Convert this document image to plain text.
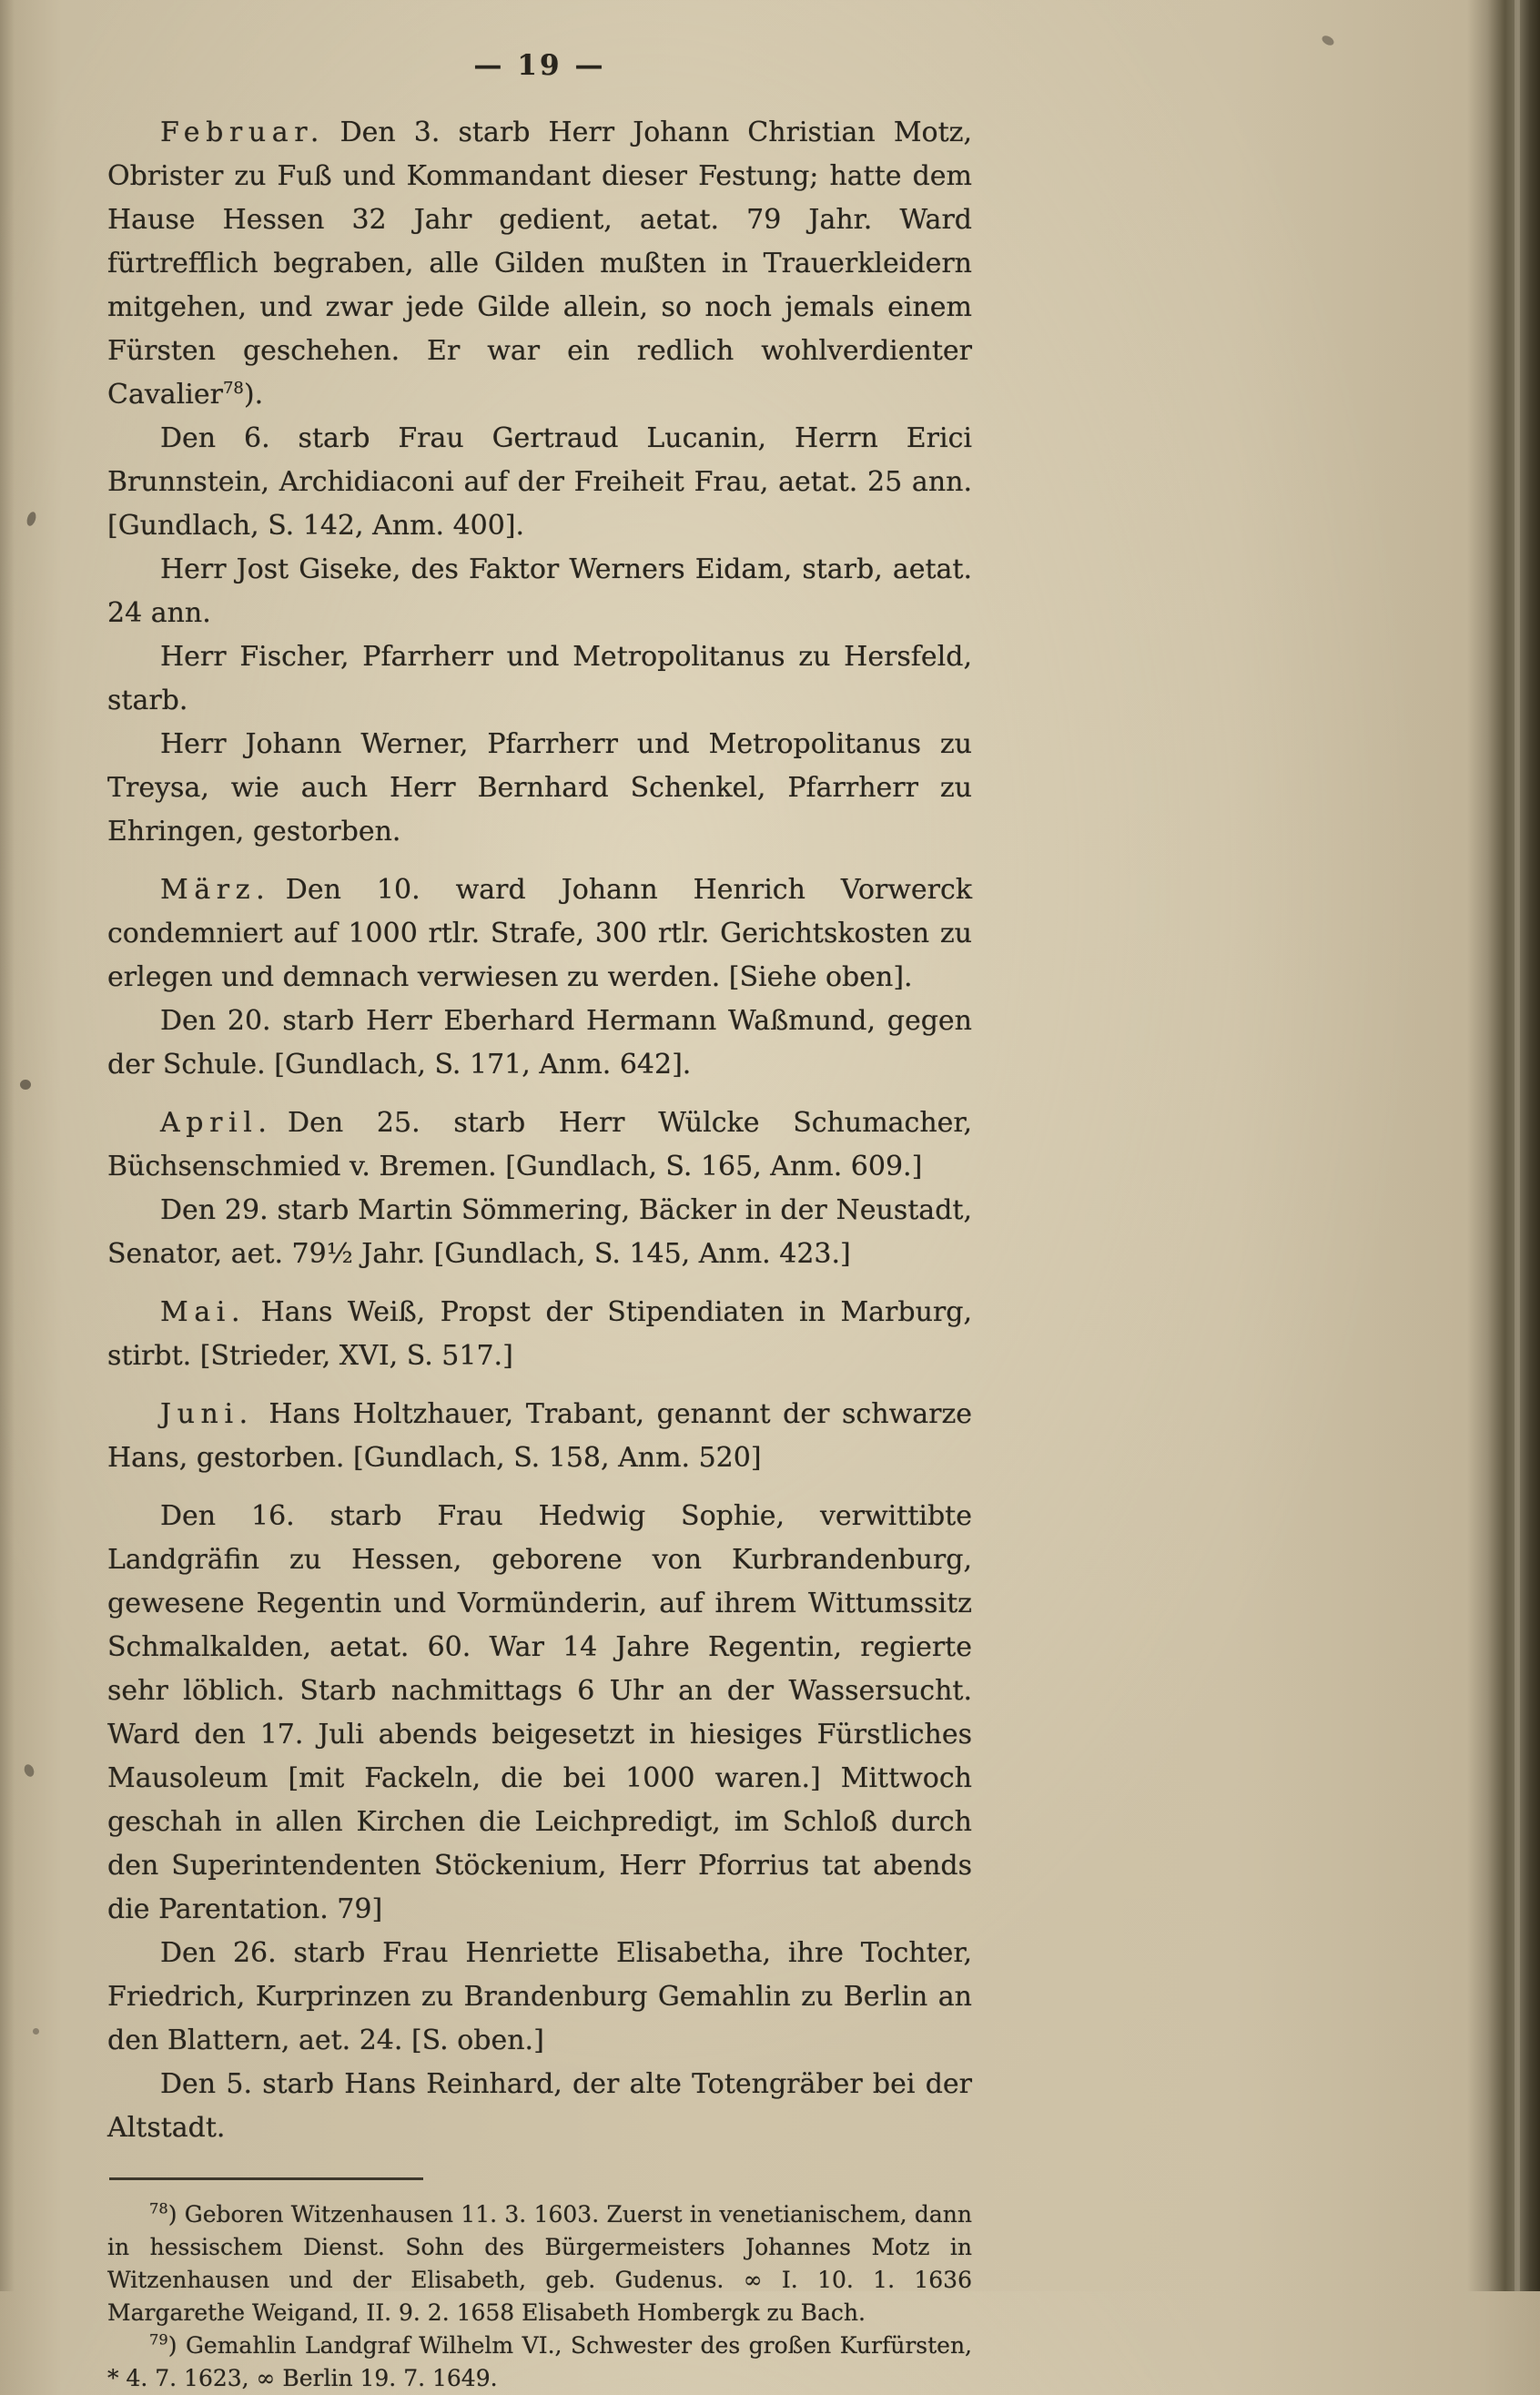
— 19 —

Februar. Den 3. starb Herr Johann Christian Motz, Obrister zu Fuß und Kommandant dieser Festung; hatte dem Hause Hessen 32 Jahr gedient, aetat. 79 Jahr. Ward fürtrefflich begraben, alle Gilden mußten in Trauerkleidern mitgehen, und zwar jede Gilde allein, so noch jemals einem Fürsten geschehen. Er war ein redlich wohlverdienter Cavalier$^{78}$).

Den 6. starb Frau Gertraud Lucanin, Herrn Erici Brunnstein, Archidiaconi auf der Freiheit Frau, aetat. 25 ann. [Gundlach, S. 142, Anm. 400].

Herr Jost Giseke, des Faktor Werners Eidam, starb, aetat. 24 ann.

Herr Fischer, Pfarrherr und Metropolitanus zu Hersfeld, starb.

Herr Johann Werner, Pfarrherr und Metropolitanus zu Treysa, wie auch Herr Bernhard Schenkel, Pfarrherr zu Ehringen, gestorben.

März. Den 10. ward Johann Henrich Vorwerck condemniert auf 1000 rtlr. Strafe, 300 rtlr. Gerichtskosten zu erlegen und demnach verwiesen zu werden. [Siehe oben].

Den 20. starb Herr Eberhard Hermann Waßmund, gegen der Schule. [Gundlach, S. 171, Anm. 642].

April. Den 25. starb Herr Wülcke Schumacher, Büchsenschmied v. Bremen. [Gundlach, S. 165, Anm. 609.]

Den 29. starb Martin Sömmering, Bäcker in der Neustadt, Senator, aet. 79½ Jahr. [Gundlach, S. 145, Anm. 423.]

Mai. Hans Weiß, Propst der Stipendiaten in Marburg, stirbt. [Strieder, XVI, S. 517.]

Juni. Hans Holtzhauer, Trabant, genannt der schwarze Hans, gestorben. [Gundlach, S. 158, Anm. 520]

Den 16. starb Frau Hedwig Sophie, verwittibte Landgräfin zu Hessen, geborene von Kurbrandenburg, gewesene Regentin und Vormünderin, auf ihrem Wittumssitz Schmalkalden, aetat. 60. War 14 Jahre Regentin, regierte sehr löblich. Starb nachmittags 6 Uhr an der Wassersucht. Ward den 17. Juli abends beigesetzt in hiesiges Fürstliches Mausoleum [mit Fackeln, die bei 1000 waren.] Mittwoch geschah in allen Kirchen die Leichpredigt, im Schloß durch den Superintendenten Stöckenium, Herr Pforrius tat abends die Parentation. 79]

Den 26. starb Frau Henriette Elisabetha, ihre Tochter, Friedrich, Kurprinzen zu Brandenburg Gemahlin zu Berlin an den Blattern, aet. 24. [S. oben.]

Den 5. starb Hans Reinhard, der alte Totengräber bei der Altstadt.

$^{78}$) Geboren Witzenhausen 11. 3. 1603. Zuerst in venetianischem, dann in hessischem Dienst. Sohn des Bürgermeisters Johannes Motz in Witzenhausen und der Elisabeth, geb. Gudenus. ∞ I. 10. 1. 1636 Margarethe Weigand, II. 9. 2. 1658 Elisabeth Hombergk zu Bach.

$^{79}$) Gemahlin Landgraf Wilhelm VI., Schwester des großen Kurfürsten, * 4. 7. 1623, ∞ Berlin 19. 7. 1649.
